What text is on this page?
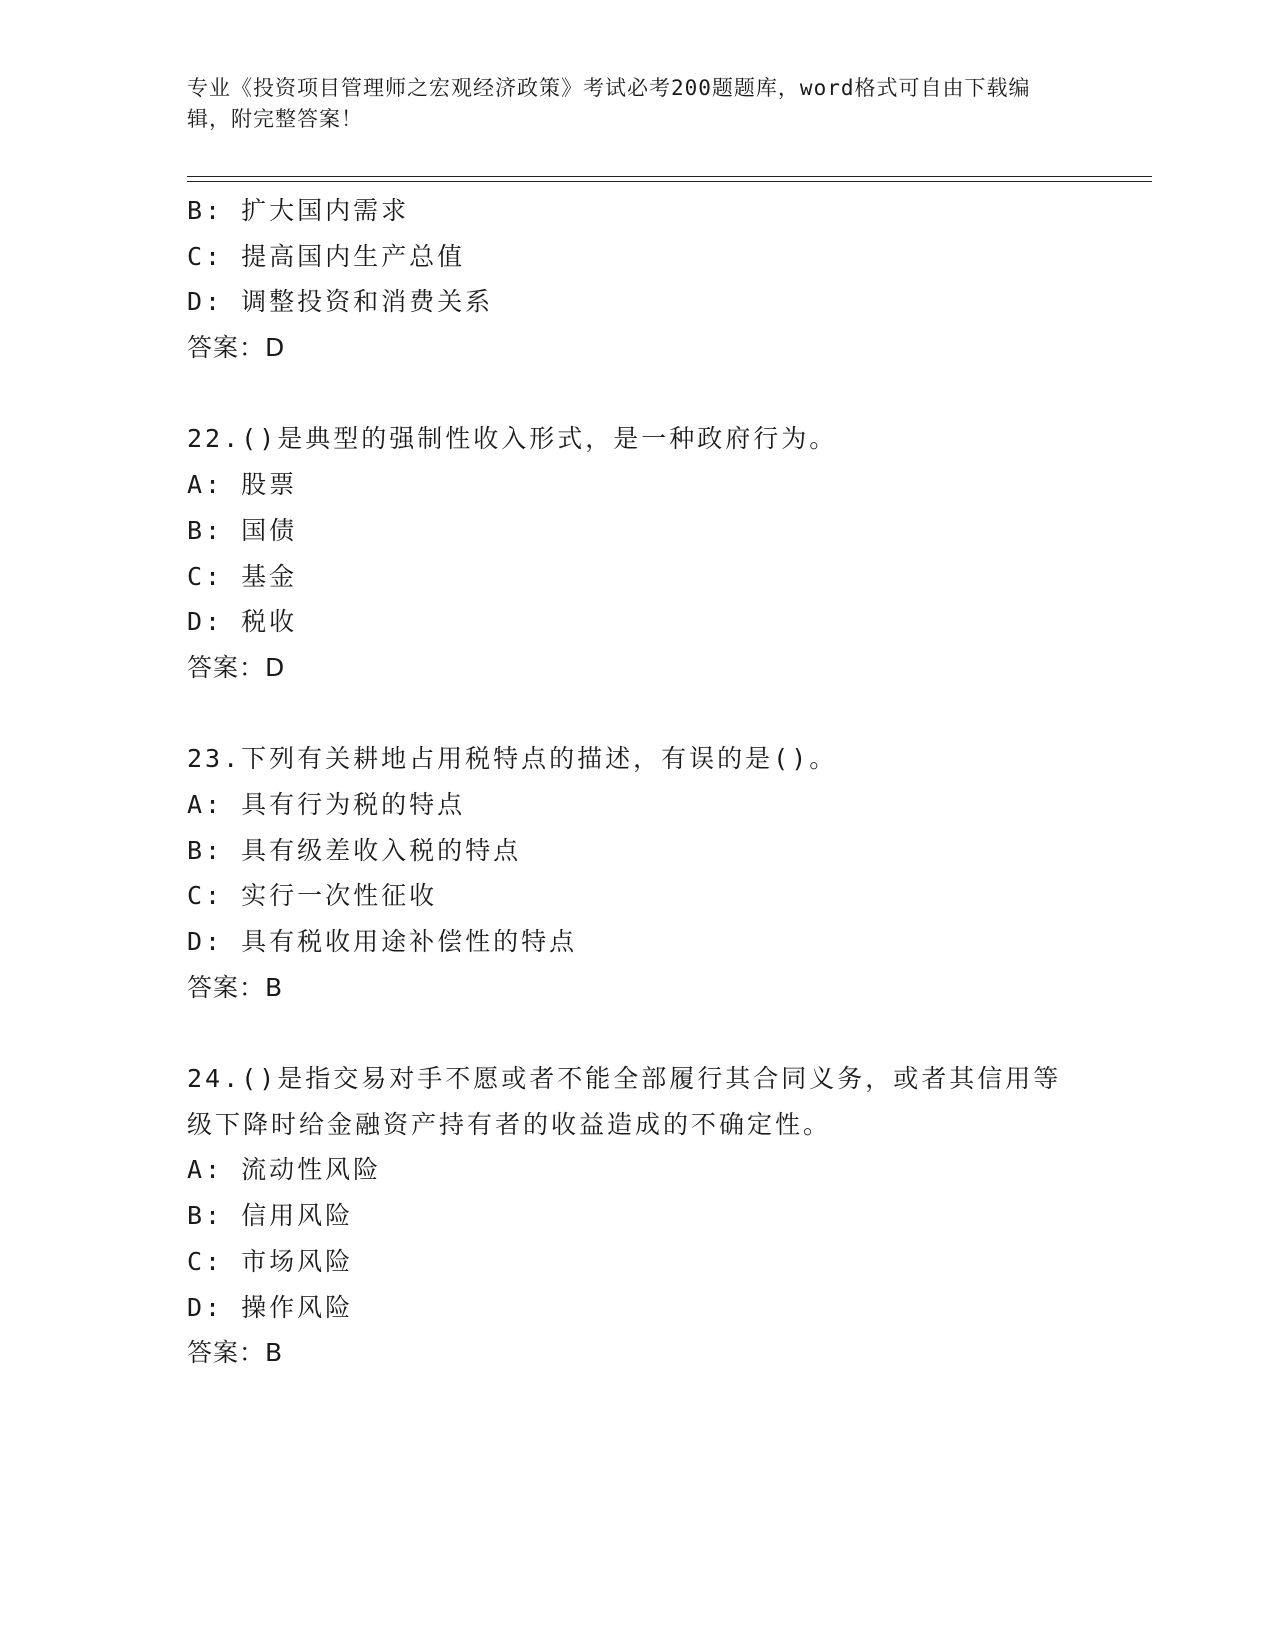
专业《投资项目管理师之宏观经济政策》考试必考200题题库，word格式可自由下载编辑，附完整答案！
B: 扩大国内需求
C: 提高国内生产总值
D: 调整投资和消费关系
答案：D
22.()是典型的强制性收入形式，是一种政府行为。
A: 股票
B: 国债
C: 基金
D: 税收
答案：D
23.下列有关耕地占用税特点的描述，有误的是()。
A: 具有行为税的特点
B: 具有级差收入税的特点
C: 实行一次性征收
D: 具有税收用途补偿性的特点
答案：B
24.()是指交易对手不愿或者不能全部履行其合同义务，或者其信用等
级下降时给金融资产持有者的收益造成的不确定性。
A: 流动性风险
B: 信用风险
C: 市场风险
D: 操作风险
答案：B
